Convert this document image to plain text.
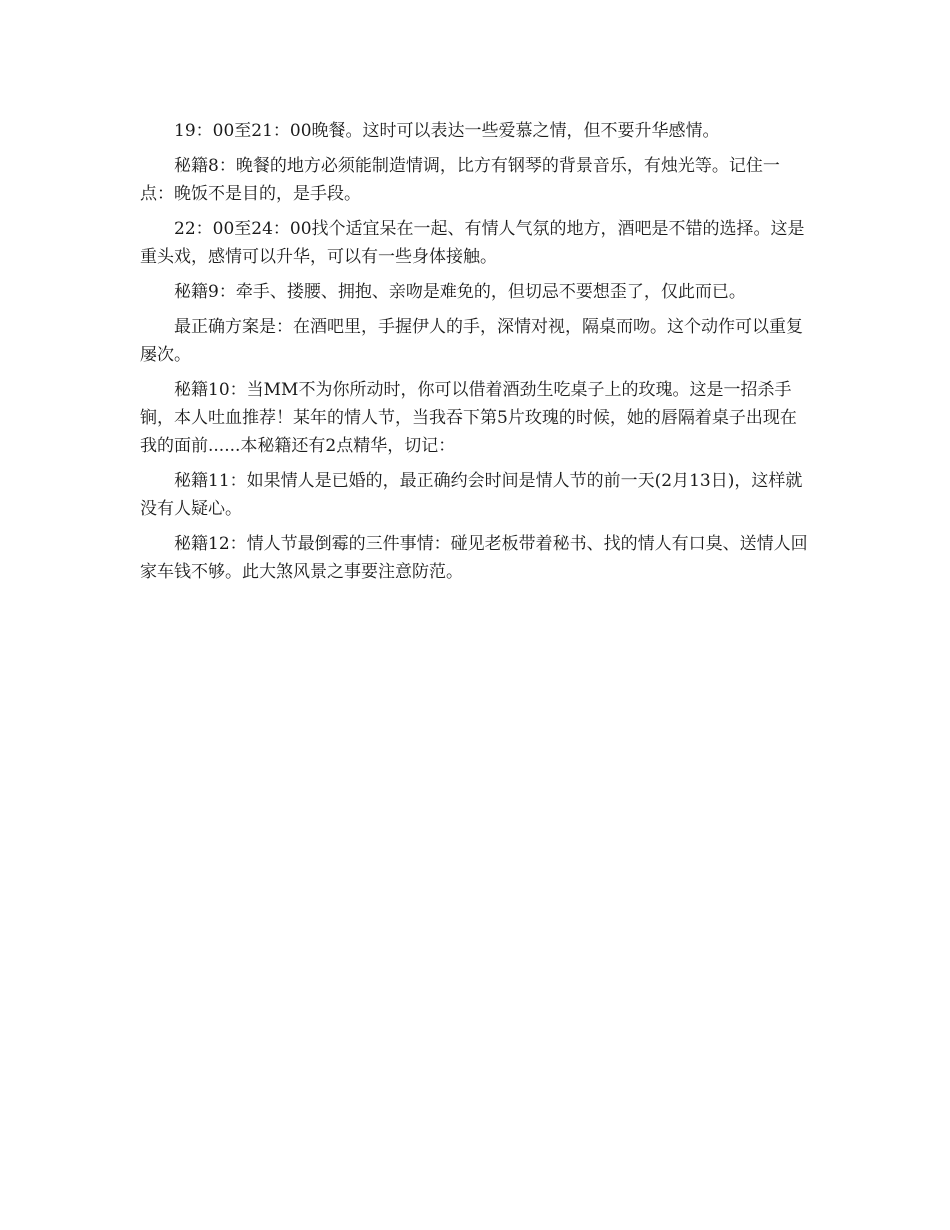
19：00至21：00晚餐。这时可以表达一些爱慕之情，但不要升华感情。

秘籍8：晚餐的地方必须能制造情调，比方有钢琴的背景音乐，有烛光等。记住一点：晚饭不是目的，是手段。

22：00至24：00找个适宜呆在一起、有情人气氛的地方，酒吧是不错的选择。这是重头戏，感情可以升华，可以有一些身体接触。

秘籍9：牵手、搂腰、拥抱、亲吻是难免的，但切忌不要想歪了，仅此而已。

最正确方案是：在酒吧里，手握伊人的手，深情对视，隔桌而吻。这个动作可以重复屡次。

秘籍10：当MM不为你所动时，你可以借着酒劲生吃桌子上的玫瑰。这是一招杀手锏，本人吐血推荐！某年的情人节，当我吞下第5片玫瑰的时候，她的唇隔着桌子出现在我的面前......本秘籍还有2点精华，切记：

秘籍11：如果情人是已婚的，最正确约会时间是情人节的前一天(2月13日)，这样就没有人疑心。

秘籍12：情人节最倒霉的三件事情：碰见老板带着秘书、找的情人有口臭、送情人回家车钱不够。此大煞风景之事要注意防范。
